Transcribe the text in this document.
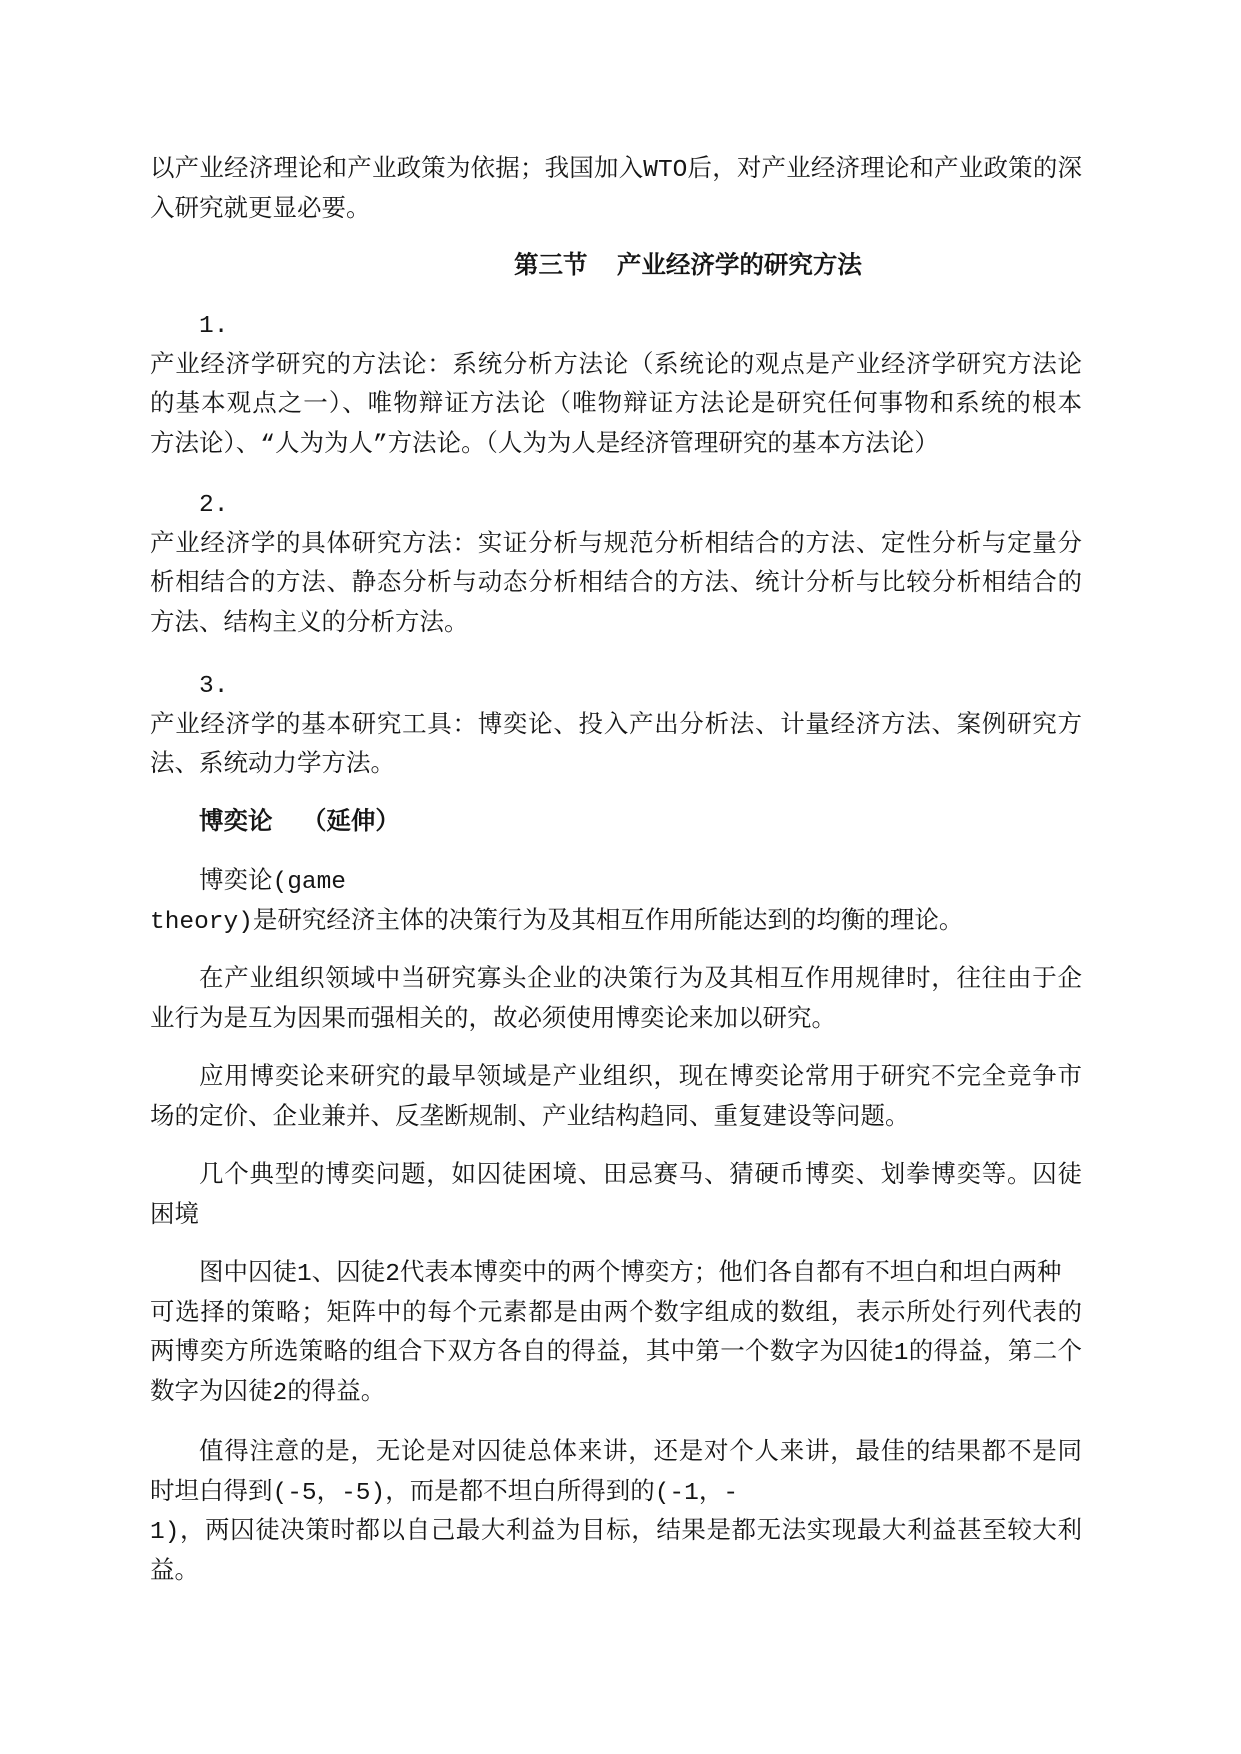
以产业经济理论和产业政策为依据；我国加入WTO后，对产业经济理论和产业政策的深
入研究就更显必要。
第三节  产业经济学的研究方法
1.
产业经济学研究的方法论：系统分析方法论（系统论的观点是产业经济学研究方法论
的基本观点之一）、唯物辩证方法论（唯物辩证方法论是研究任何事物和系统的根本
方法论）、“人为为人”方法论。（人为为人是经济管理研究的基本方法论）
2.
产业经济学的具体研究方法：实证分析与规范分析相结合的方法、定性分析与定量分
析相结合的方法、静态分析与动态分析相结合的方法、统计分析与比较分析相结合的
方法、结构主义的分析方法。
3.
产业经济学的基本研究工具：博奕论、投入产出分析法、计量经济方法、案例研究方
法、系统动力学方法。
博奕论  （延伸）
博奕论(game
theory)是研究经济主体的决策行为及其相互作用所能达到的均衡的理论。
在产业组织领域中当研究寡头企业的决策行为及其相互作用规律时，往往由于企
业行为是互为因果而强相关的，故必须使用博奕论来加以研究。
应用博奕论来研究的最早领域是产业组织，现在博奕论常用于研究不完全竞争市
场的定价、企业兼并、反垄断规制、产业结构趋同、重复建设等问题。
几个典型的博奕问题，如囚徒困境、田忌赛马、猜硬币博奕、划拳博奕等。囚徒
困境
图中囚徒1、囚徒2代表本博奕中的两个博奕方；他们各自都有不坦白和坦白两种
可选择的策略；矩阵中的每个元素都是由两个数字组成的数组，表示所处行列代表的
两博奕方所选策略的组合下双方各自的得益，其中第一个数字为囚徒1的得益，第二个
数字为囚徒2的得益。
值得注意的是，无论是对囚徒总体来讲，还是对个人来讲，最佳的结果都不是同
时坦白得到(-5，-5)，而是都不坦白所得到的(-1，-
1)，两囚徒决策时都以自己最大利益为目标，结果是都无法实现最大利益甚至较大利
益。
